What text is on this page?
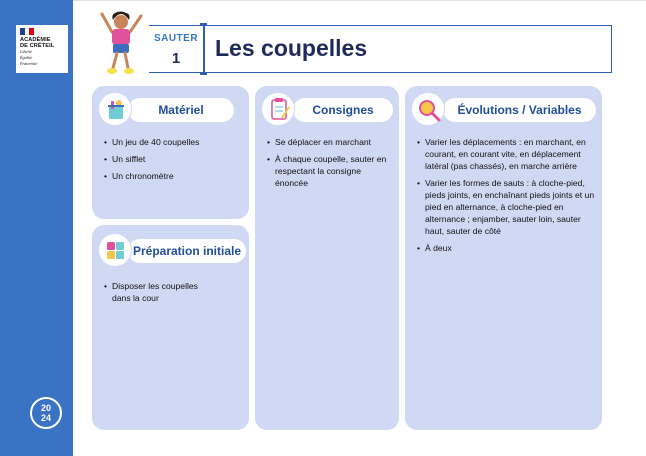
ACADÉMIE
DE CRÉTEIL
Liberté
Égalité
Fraternité
20
24
SAUTER
1	Les coupelles
Matériel
• Un jeu de 40 coupelles
• Un sifflet
• Un chronomètre
Préparation initiale
• Disposer les coupelles dans la cour
Consignes
• Se déplacer en marchant
• À chaque coupelle, sauter en respectant la consigne énoncée
Évolutions / Variables
• Varier les déplacements : en marchant, en courant, en courant vite, en déplacement latéral (pas chassés), en marche arrière
• Varier les formes de sauts : à cloche-pied, pieds joints, en enchaînant pieds joints et un pied en alternance, à cloche-pied en alternance ; enjamber, sauter loin, sauter haut, sauter de côté
• À deux
